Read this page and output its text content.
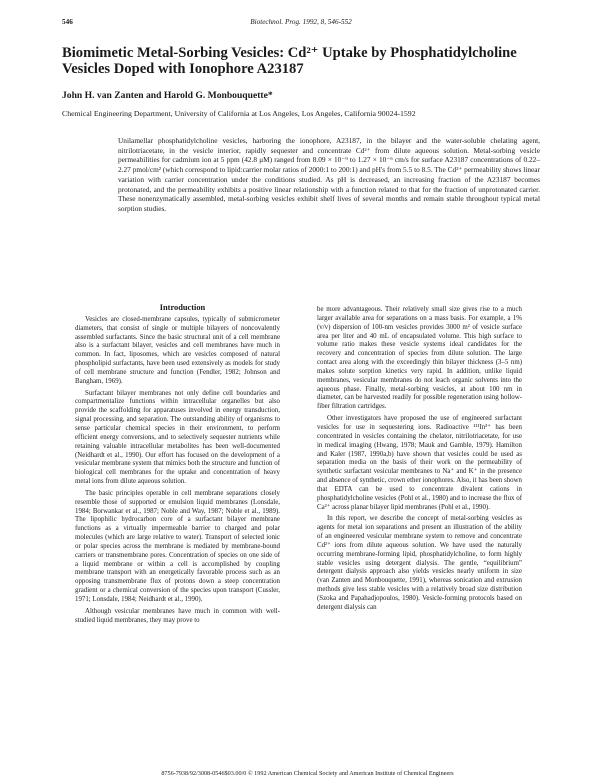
546	Biotechnol. Prog. 1992, 8, 546-552
Biomimetic Metal-Sorbing Vesicles: Cd²⁺ Uptake by Phosphatidylcholine Vesicles Doped with Ionophore A23187
John H. van Zanten and Harold G. Monbouquette*
Chemical Engineering Department, University of California at Los Angeles, Los Angeles, California 90024-1592

Unilamellar phosphatidylcholine vesicles, harboring the ionophore, A23187, in the bilayer and the water-soluble chelating agent, nitrilotriacetate, in the vesicle interior, rapidly sequester and concentrate Cd²⁺ from dilute aqueous solution. Metal-sorbing vesicle permeabilities for cadmium ion at 5 ppm (42.8 μM) ranged from 8.09 × 10⁻⁹ to 1.27 × 10⁻⁶ cm/s for surface A23187 concentrations of 0.22–2.27 pmol/cm² (which correspond to lipid:carrier molar ratios of 2000:1 to 200:1) and pH's from 5.5 to 8.5. The Cd²⁺ permeability shows linear variation with carrier concentration under the conditions studied. As pH is decreased, an increasing fraction of the A23187 becomes protonated, and the permeability exhibits a positive linear relationship with a function related to that for the fraction of unprotonated carrier. These nonenzymatically assembled, metal-sorbing vesicles exhibit shelf lives of several months and remain stable throughout typical metal sorption studies.

Introduction

Vesicles are closed-membrane capsules, typically of submicrometer diameters, that consist of single or multiple bilayers of noncovalently assembled surfactants. Since the basic structural unit of a cell membrane also is a surfactant bilayer, vesicles and cell membranes have much in common. In fact, liposomes, which are vesicles composed of natural phospholipid surfactants, have been used extensively as models for study of cell membrane structure and function (Fendler, 1982; Johnson and Bangham, 1969).

Surfactant bilayer membranes not only define cell boundaries and compartmentalize functions within intracellular organelles but also provide the scaffolding for apparatuses involved in energy transduction, signal processing, and separation. The outstanding ability of organisms to sense particular chemical species in their environment, to perform efficient energy conversions, and to selectively sequester nutrients while retaining valuable intracellular metabolites has been well-documented (Neidhardt et al., 1990). Our effort has focused on the development of a vesicular membrane system that mimics both the structure and function of biological cell membranes for the uptake and concentration of heavy metal ions from dilute aqueous solution.

The basic principles operable in cell membrane separations closely resemble those of supported or emulsion liquid membranes (Lonsdale, 1984; Borwankar et al., 1987; Noble and Way, 1987; Noble et al., 1989). The lipophilic hydrocarbon core of a surfactant bilayer membrane functions as a virtually impermeable barrier to charged and polar molecules (which are large relative to water). Transport of selected ionic or polar species across the membrane is mediated by membrane-bound carriers or transmembrane pores. Concentration of species on one side of a liquid membrane or within a cell is accomplished by coupling membrane transport with an energetically favorable process such as an opposing transmembrane flux of protons down a steep concentration gradient or a chemical conversion of the species upon transport (Cussler, 1971; Lonsdale, 1984; Neidhardt et al., 1990).

Although vesicular membranes have much in common with well-studied liquid membranes, they may prove to

be more advantageous. Their relatively small size gives rise to a much larger available area for separations on a mass basis. For example, a 1% (v/v) dispersion of 100-nm vesicles provides 3000 m² of vesicle surface area per liter and 40 mL of encapsulated volume. This high surface to volume ratio makes these vesicle systems ideal candidates for the recovery and concentration of species from dilute solution. The large contact area along with the exceedingly thin bilayer thickness (3–5 nm) makes solute sorption kinetics very rapid. In addition, unlike liquid membranes, vesicular membranes do not leach organic solvents into the aqueous phase. Finally, metal-sorbing vesicles, at about 100 nm in diameter, can be harvested readily for possible regeneration using hollow-fiber filtration cartridges.

Other investigators have proposed the use of engineered surfactant vesicles for use in sequestering ions. Radioactive ¹¹¹In³⁺ has been concentrated in vesicles containing the chelator, nitrilotriacetate, for use in medical imaging (Hwang, 1978; Mauk and Gamble, 1979). Hamilton and Kaler (1987, 1990a,b) have shown that vesicles could be used as separation media on the basis of their work on the permeability of synthetic surfactant vesicular membranes to Na⁺ and K⁺ in the presence and absence of synthetic, crown ether ionophores. Also, it has been shown that EDTA can be used to concentrate divalent cations in phosphatidylcholine vesicles (Pohl et al., 1980) and to increase the flux of Ca²⁺ across planar bilayer lipid membranes (Pohl et al., 1990).

In this report, we describe the concept of metal-sorbing vesicles as agents for metal ion separations and present an illustration of the ability of an engineered vesicular membrane system to remove and concentrate Cd²⁺ ions from dilute aqueous solution. We have used the naturally occurring membrane-forming lipid, phosphatidylcholine, to form highly stable vesicles using detergent dialysis. The gentle, “equilibrium” detergent dialysis approach also yields vesicles nearly uniform in size (van Zanten and Monbouquette, 1991), whereas sonication and extrusion methods give less stable vesicles with a relatively broad size distribution (Szoka and Papahadjopoulos, 1980). Vesicle-forming protocols based on detergent dialysis can

8756-7938/92/3008-0546$03.00/0 © 1992 American Chemical Society and American Institute of Chemical Engineers
